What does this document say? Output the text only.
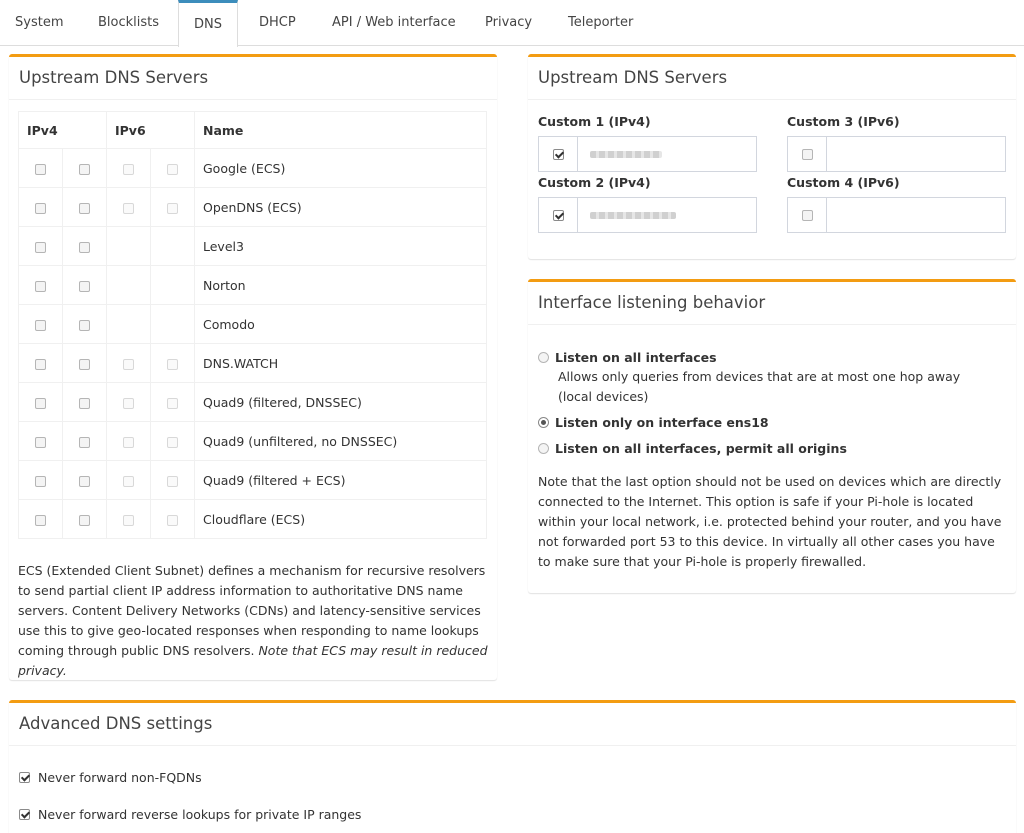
System	Blocklists	DNS	DHCP	API / Web interface	Privacy	Teleporter
Upstream DNS Servers
IPv4		IPv6		Name
				Google (ECS)
				OpenDNS (ECS)
				Level3
				Norton
				Comodo
				DNS.WATCH
				Quad9 (filtered, DNSSEC)
				Quad9 (unfiltered, no DNSSEC)
				Quad9 (filtered + ECS)
				Cloudflare (ECS)
ECS (Extended Client Subnet) defines a mechanism for recursive resolvers to send partial client IP address information to authoritative DNS name servers. Content Delivery Networks (CDNs) and latency-sensitive services use this to give geo-located responses when responding to name lookups coming through public DNS resolvers. Note that ECS may result in reduced privacy.
Upstream DNS Servers
Custom 1 (IPv4)	Custom 3 (IPv6)
Custom 2 (IPv4)	Custom 4 (IPv6)
Interface listening behavior
Listen on all interfaces
Allows only queries from devices that are at most one hop away (local devices)
Listen only on interface ens18
Listen on all interfaces, permit all origins
Note that the last option should not be used on devices which are directly connected to the Internet. This option is safe if your Pi-hole is located within your local network, i.e. protected behind your router, and you have not forwarded port 53 to this device. In virtually all other cases you have to make sure that your Pi-hole is properly firewalled.
Advanced DNS settings
Never forward non-FQDNs
Never forward reverse lookups for private IP ranges
